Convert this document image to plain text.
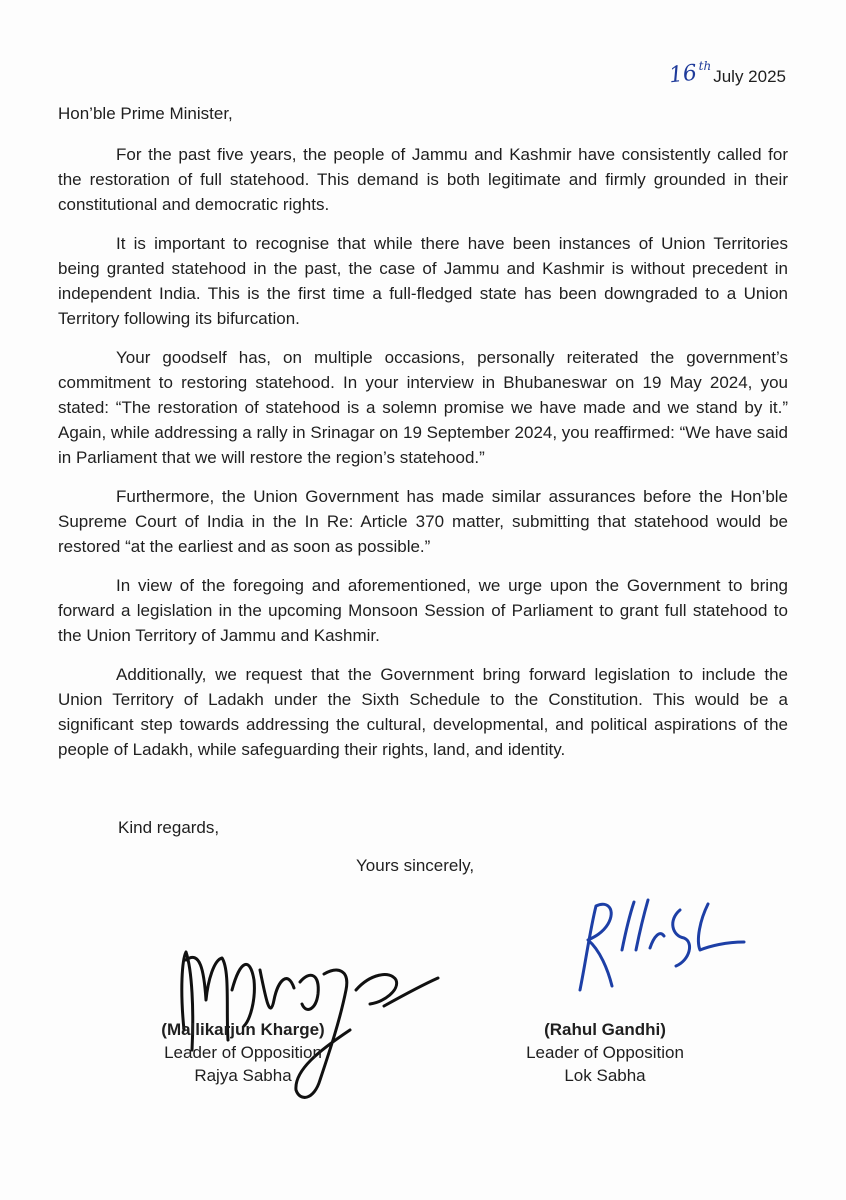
16 th
July 2025
Hon’ble Prime Minister,

For the past five years, the people of Jammu and Kashmir have consistently called for the restoration of full statehood. This demand is both legitimate and firmly grounded in their constitutional and democratic rights.

It is important to recognise that while there have been instances of Union Territories being granted statehood in the past, the case of Jammu and Kashmir is without precedent in independent India. This is the first time a full-fledged state has been downgraded to a Union Territory following its bifurcation.

Your goodself has, on multiple occasions, personally reiterated the government’s commitment to restoring statehood. In your interview in Bhubaneswar on 19 May 2024, you stated: “The restoration of statehood is a solemn promise we have made and we stand by it.” Again, while addressing a rally in Srinagar on 19 September 2024, you reaffirmed: “We have said in Parliament that we will restore the region’s statehood.”

Furthermore, the Union Government has made similar assurances before the Hon’ble Supreme Court of India in the In Re: Article 370 matter, submitting that statehood would be restored “at the earliest and as soon as possible.”

In view of the foregoing and aforementioned, we urge upon the Government to bring forward a legislation in the upcoming Monsoon Session of Parliament to grant full statehood to the Union Territory of Jammu and Kashmir.

Additionally, we request that the Government bring forward legislation to include the Union Territory of Ladakh under the Sixth Schedule to the Constitution. This would be a significant step towards addressing the cultural, developmental, and political aspirations of the people of Ladakh, while safeguarding their rights, land, and identity.

Kind regards,
Yours sincerely,
(Mallikarjun Kharge)
Leader of Opposition
Rajya Sabha
(Rahul Gandhi)
Leader of Opposition
Lok Sabha
